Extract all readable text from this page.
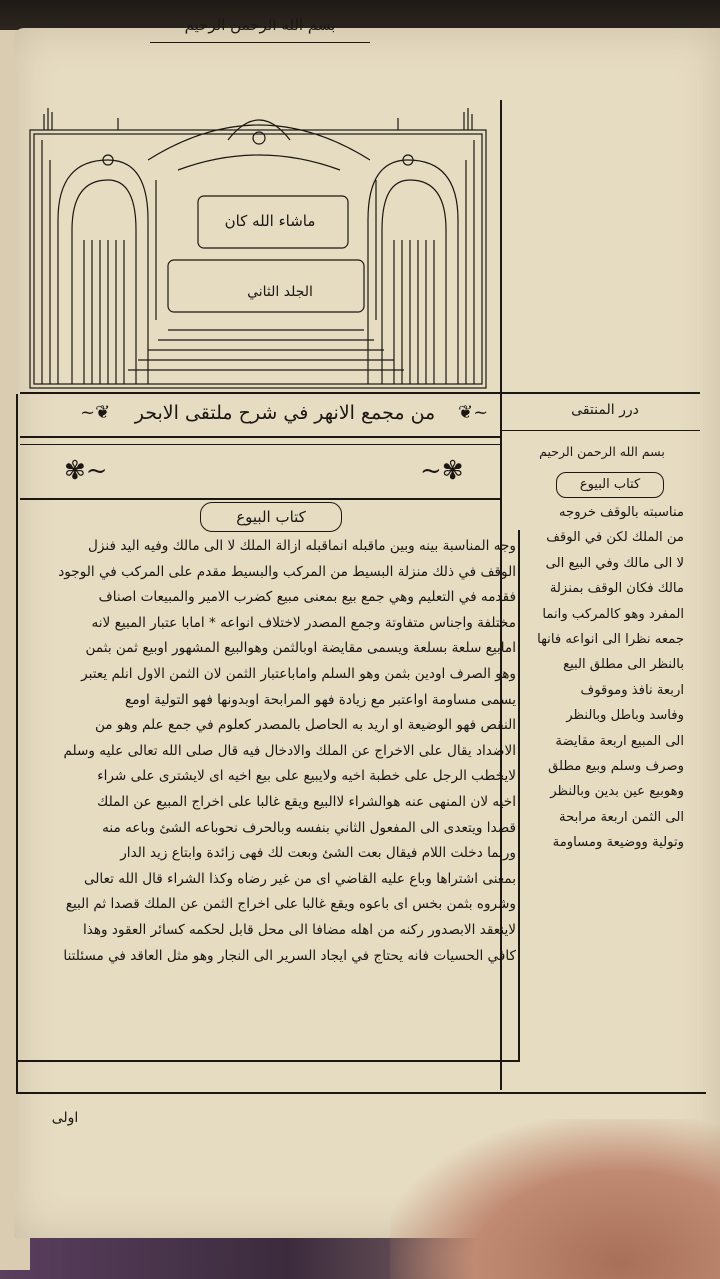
ماشاء الله كان
الجلد الثاني
~❦	من مجمع الانهر في شرح ملتقى الابحر	❦~
✾~
بسم الله الرحمن الرحيم
~✾
كتاب البيوع
وجه المناسبة بينه وبين ماقبله انماقبله ازالة الملك لا الى مالك وفيه اليد فنزل
الوقف في ذلك منزلة البسيط من المركب والبسيط مقدم على المركب في الوجود
فقدمه في التعليم وهي جمع بيع بمعنى مبيع كضرب الامير والمبيعات اصناف
مختلفة واجناس متفاوتة وجمع المصدر لاختلاف انواعه * امابا عتبار المبيع لانه
امابيع سلعة بسلعة ويسمى مقايضة اوبالثمن وهوالبيع المشهور اوبيع ثمن بثمن
وهو الصرف اودين بثمن وهو السلم واماباعتبار الثمن لان الثمن الاول انلم يعتبر
يسمى مساومة اواعتبر مع زيادة فهو المرابحة اوبدونها فهو التولية اومع
النقص فهو الوضيعة او اريد به الحاصل بالمصدر كعلوم في جمع علم وهو من
الاضداد يقال على الاخراج عن الملك والادخال فيه قال صلى الله تعالى عليه وسلم
لايخطب الرجل على خطبة اخيه ولايبيع على بيع اخيه اى لايشترى على شراء
اخيه لان المنهى عنه هوالشراء لاالبيع ويقع غالبا على اخراج المبيع عن الملك
قصدا ويتعدى الى المفعول الثاني بنفسه وبالحرف نحوباعه الشئ وباعه منه
وربما دخلت اللام فيقال بعت الشئ وبعت لك فهى زائدة وابتاع زيد الدار
بمعنى اشتراها وباع عليه القاضي اى من غير رضاه وكذا الشراء قال الله تعالى
وشروه بثمن بخس اى باعوه ويقع غالبا على اخراج الثمن عن الملك قصدا ثم البيع
لاينعقد الابصدور ركنه من اهله مضافا الى محل قابل لحكمه كسائر العقود وهذا
كافي الحسيات فانه يحتاج في ايجاد السرير الى النجار وهو مثل العاقد في مسئلتنا
درر المنتقى
بسم الله الرحمن الرحيم
كتاب البيوع
مناسبته بالوقف خروجه
من الملك لكن في الوقف
لا الى مالك وفي البيع الى
مالك فكان الوقف بمنزلة
المفرد وهو كالمركب وانما
جمعه نظرا الى انواعه فانها
بالنظر الى مطلق البيع
اربعة نافذ وموقوف
وفاسد وباطل وبالنظر
الى المبيع اربعة مقايضة
وصرف وسلم وبيع مطلق
وهوبيع عين بدين وبالنظر
الى الثمن اربعة مرابحة
وتولية ووضيعة ومساومة
اولى
